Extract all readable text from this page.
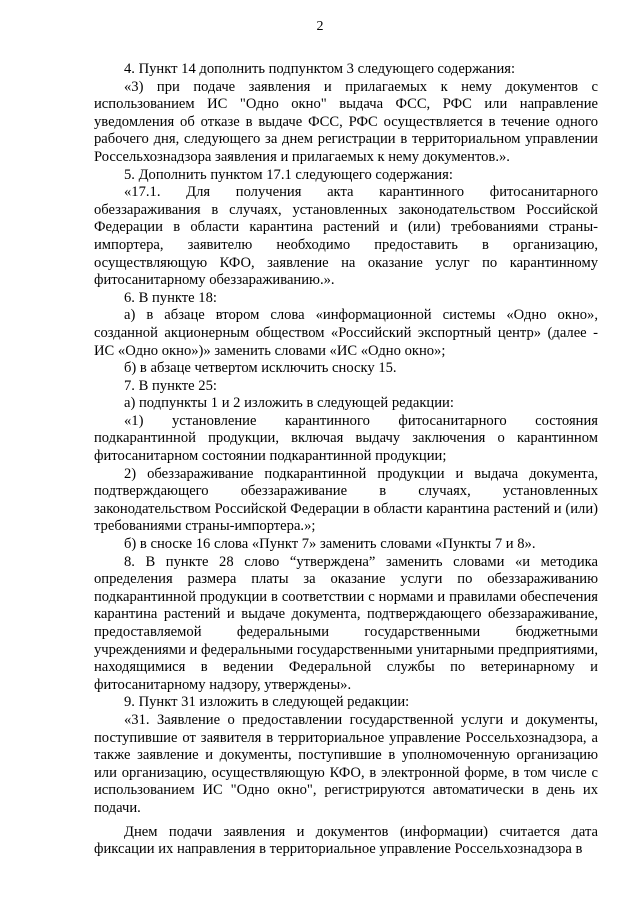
2

4. Пункт 14 дополнить подпунктом 3 следующего содержания:

«3) при подаче заявления и прилагаемых к нему документов с использованием ИС "Одно окно" выдача ФСС, РФС или направление уведомления об отказе в выдаче ФСС, РФС осуществляется в течение одного рабочего дня, следующего за днем регистрации в территориальном управлении Россельхознадзора заявления и прилагаемых к нему документов.».

5. Дополнить пунктом 17.1 следующего содержания:

«17.1. Для получения акта карантинного фитосанитарного обеззараживания в случаях, установленных законодательством Российской Федерации в области карантина растений и (или) требованиями страны-импортера, заявителю необходимо предоставить в организацию, осуществляющую КФО, заявление на оказание услуг по карантинному фитосанитарному обеззараживанию.».

6. В пункте 18:

а) в абзаце втором слова «информационной системы «Одно окно», созданной акционерным обществом «Российский экспортный центр» (далее - ИС «Одно окно»)» заменить словами «ИС «Одно окно»;

б) в абзаце четвертом исключить сноску 15.

7. В пункте 25:

а) подпункты 1 и 2 изложить в следующей редакции:

«1) установление карантинного фитосанитарного состояния подкарантинной продукции, включая выдачу заключения о карантинном фитосанитарном состоянии подкарантинной продукции;

2) обеззараживание подкарантинной продукции и выдача документа, подтверждающего обеззараживание в случаях, установленных законодательством Российской Федерации в области карантина растений и (или) требованиями страны-импортера.»;

б) в сноске 16 слова «Пункт 7» заменить словами «Пункты 7 и 8».

8. В пункте 28 слово “утверждена” заменить словами «и методика определения размера платы за оказание услуги по обеззараживанию подкарантинной продукции в соответствии с нормами и правилами обеспечения карантина растений и выдаче документа, подтверждающего обеззараживание, предоставляемой федеральными государственными бюджетными учреждениями и федеральными государственными унитарными предприятиями, находящимися в ведении Федеральной службы по ветеринарному и фитосанитарному надзору, утверждены».

9. Пункт 31 изложить в следующей редакции:

«31. Заявление о предоставлении государственной услуги и документы, поступившие от заявителя в территориальное управление Россельхознадзора, а также заявление и документы, поступившие в уполномоченную организацию или организацию, осуществляющую КФО, в электронной форме, в том числе с использованием ИС "Одно окно", регистрируются автоматически в день их подачи.

Днем подачи заявления и документов (информации) считается дата фиксации их направления в территориальное управление Россельхознадзора в
